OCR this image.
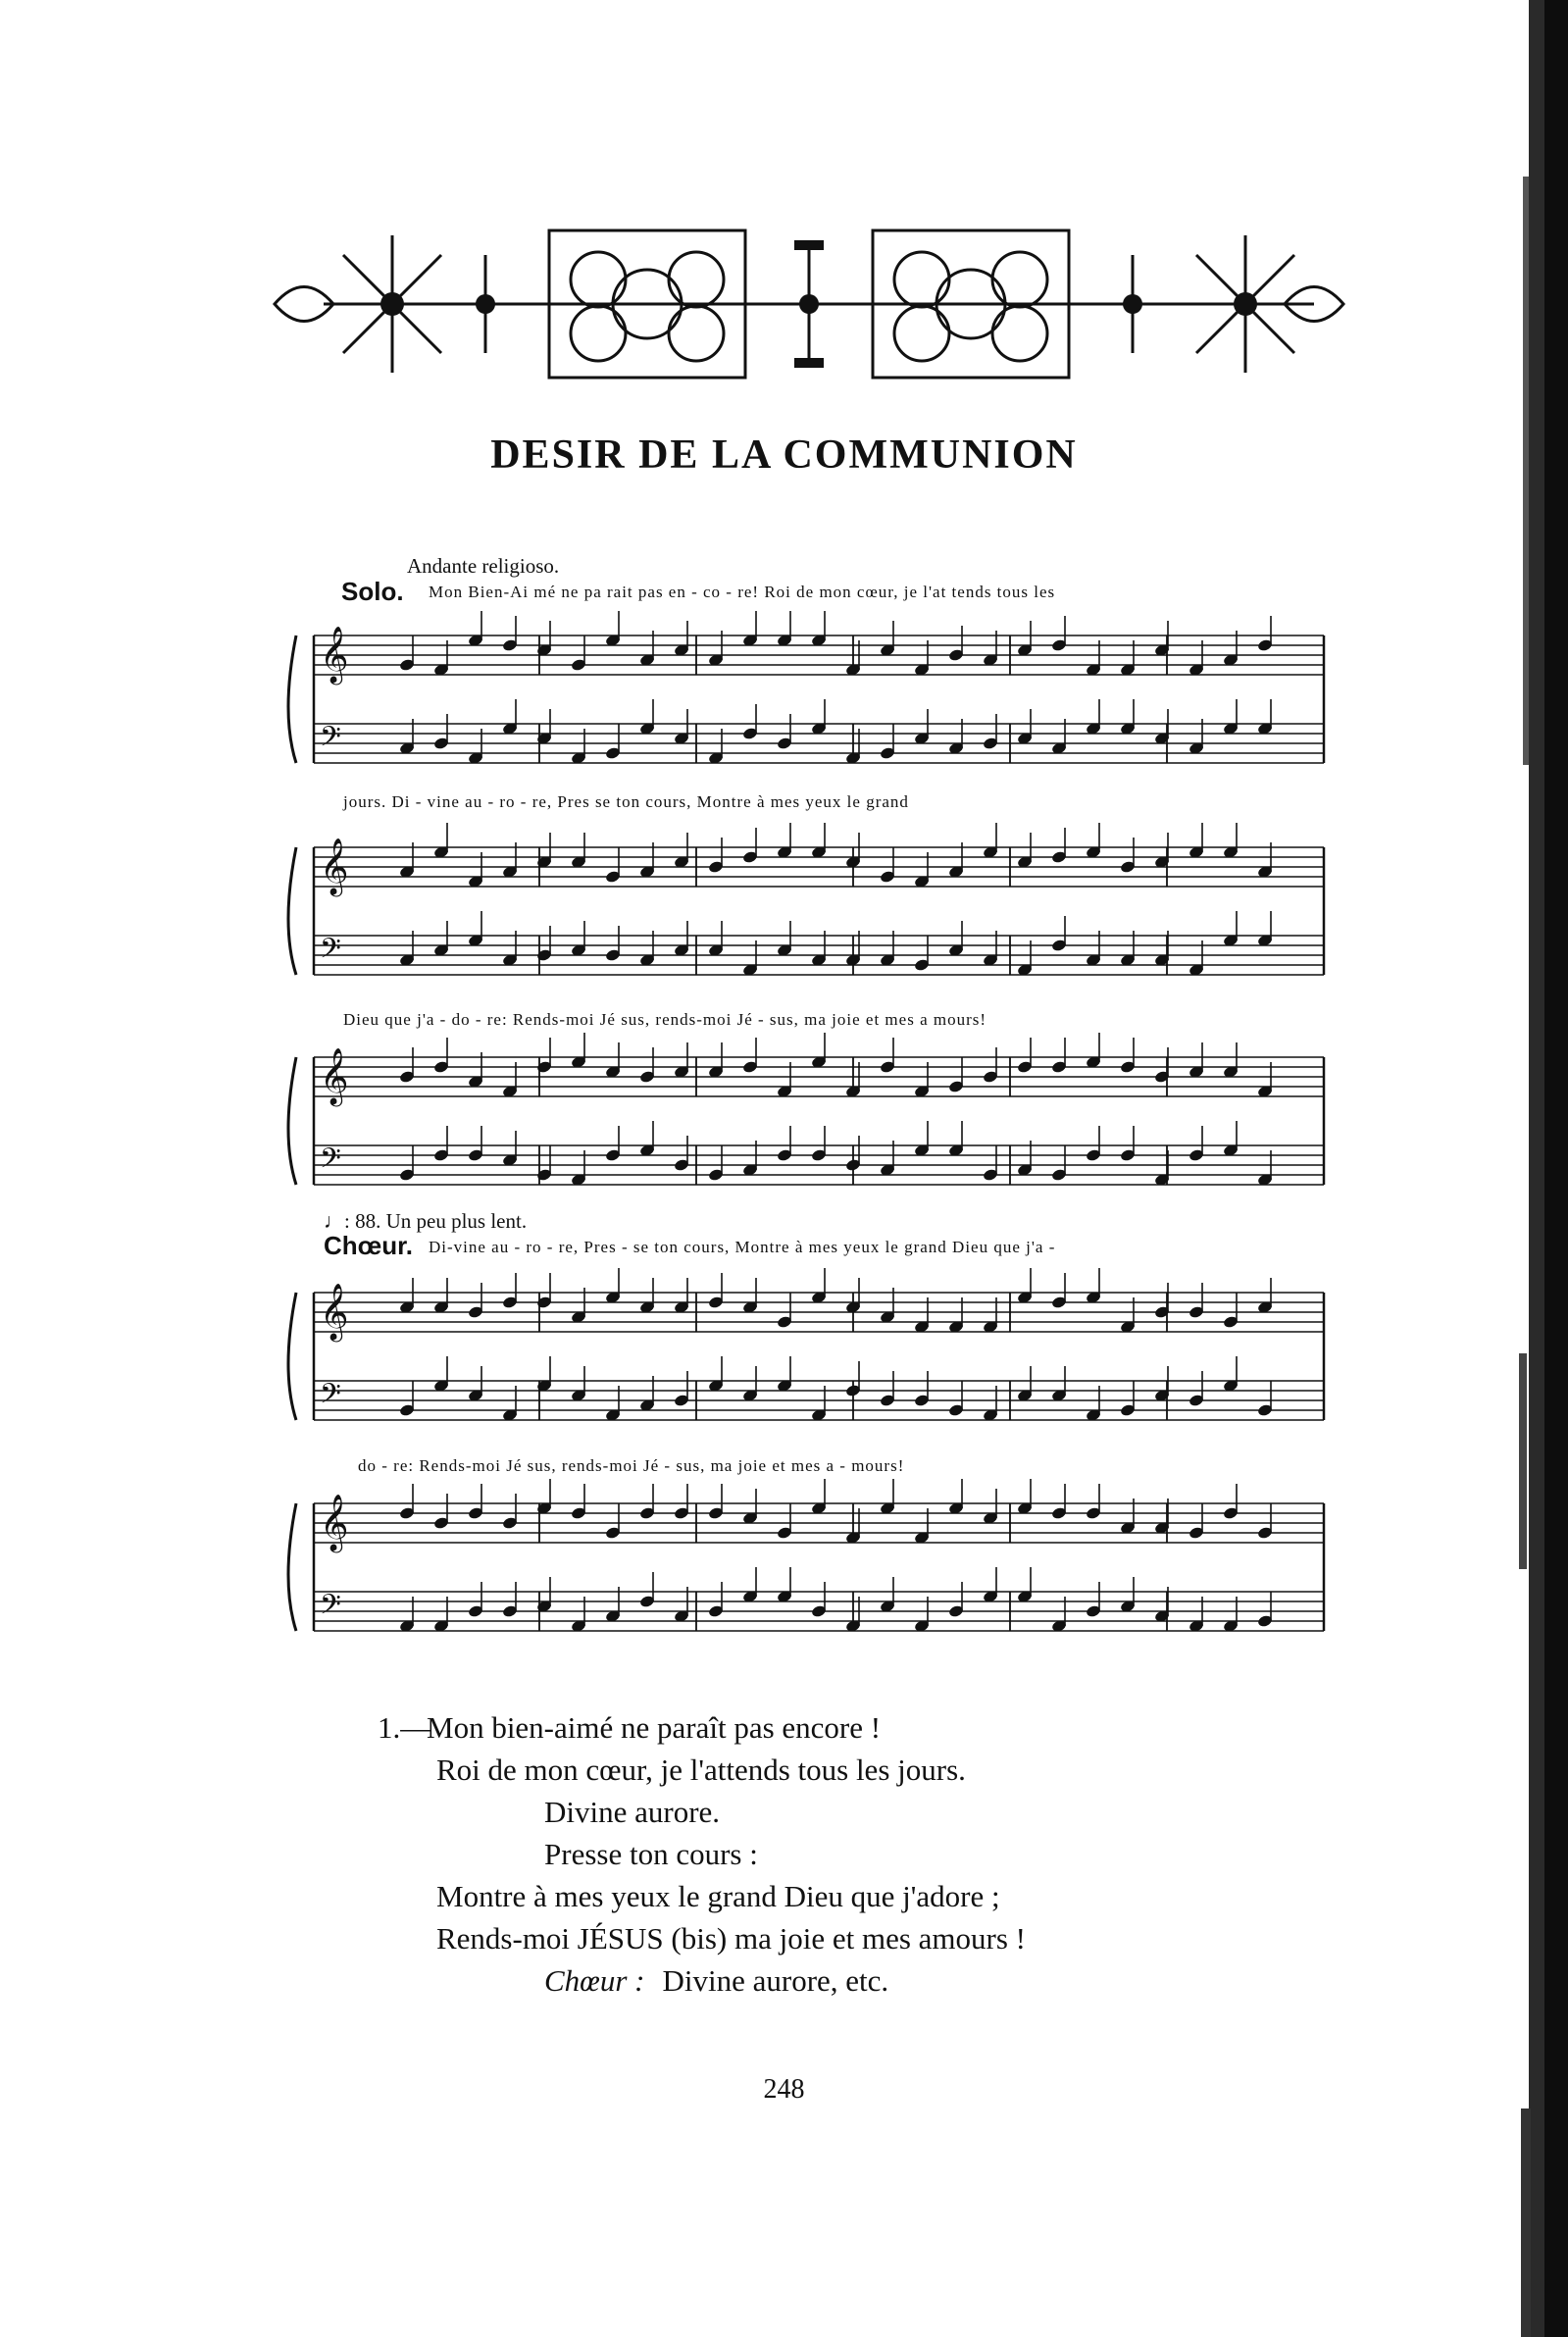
DESIR DE LA COMMUNION
Andante religioso.
Solo. Mon Bien-Ai mé ne pa rait pas en - co - re! Roi de mon cœur, je l'at tends tous les
𝄞
𝄢
jours. Di - vine au - ro - re, Pres se ton cours, Montre à mes yeux le grand
𝄞
𝄢
Dieu que j'a - do - re: Rends-moi Jé sus, rends-moi Jé - sus, ma joie et mes a mours!
𝄞
𝄢
♩: 88. Un peu plus lent.
Chœur. Di-vine au - ro - re, Pres - se ton cours, Montre à mes yeux le grand Dieu que j'a -
𝄞
𝄢
do - re: Rends-moi Jé sus, rends-moi Jé - sus, ma joie et mes a - mours!
𝄞
𝄢
1.—Mon bien-aimé ne paraît pas encore !
Roi de mon cœur, je l'attends tous les jours.
Divine aurore.
Presse ton cours :
Montre à mes yeux le grand Dieu que j'adore ;
Rends-moi JÉSUS (bis) ma joie et mes amours !
Chœur : Divine aurore, etc.
248
